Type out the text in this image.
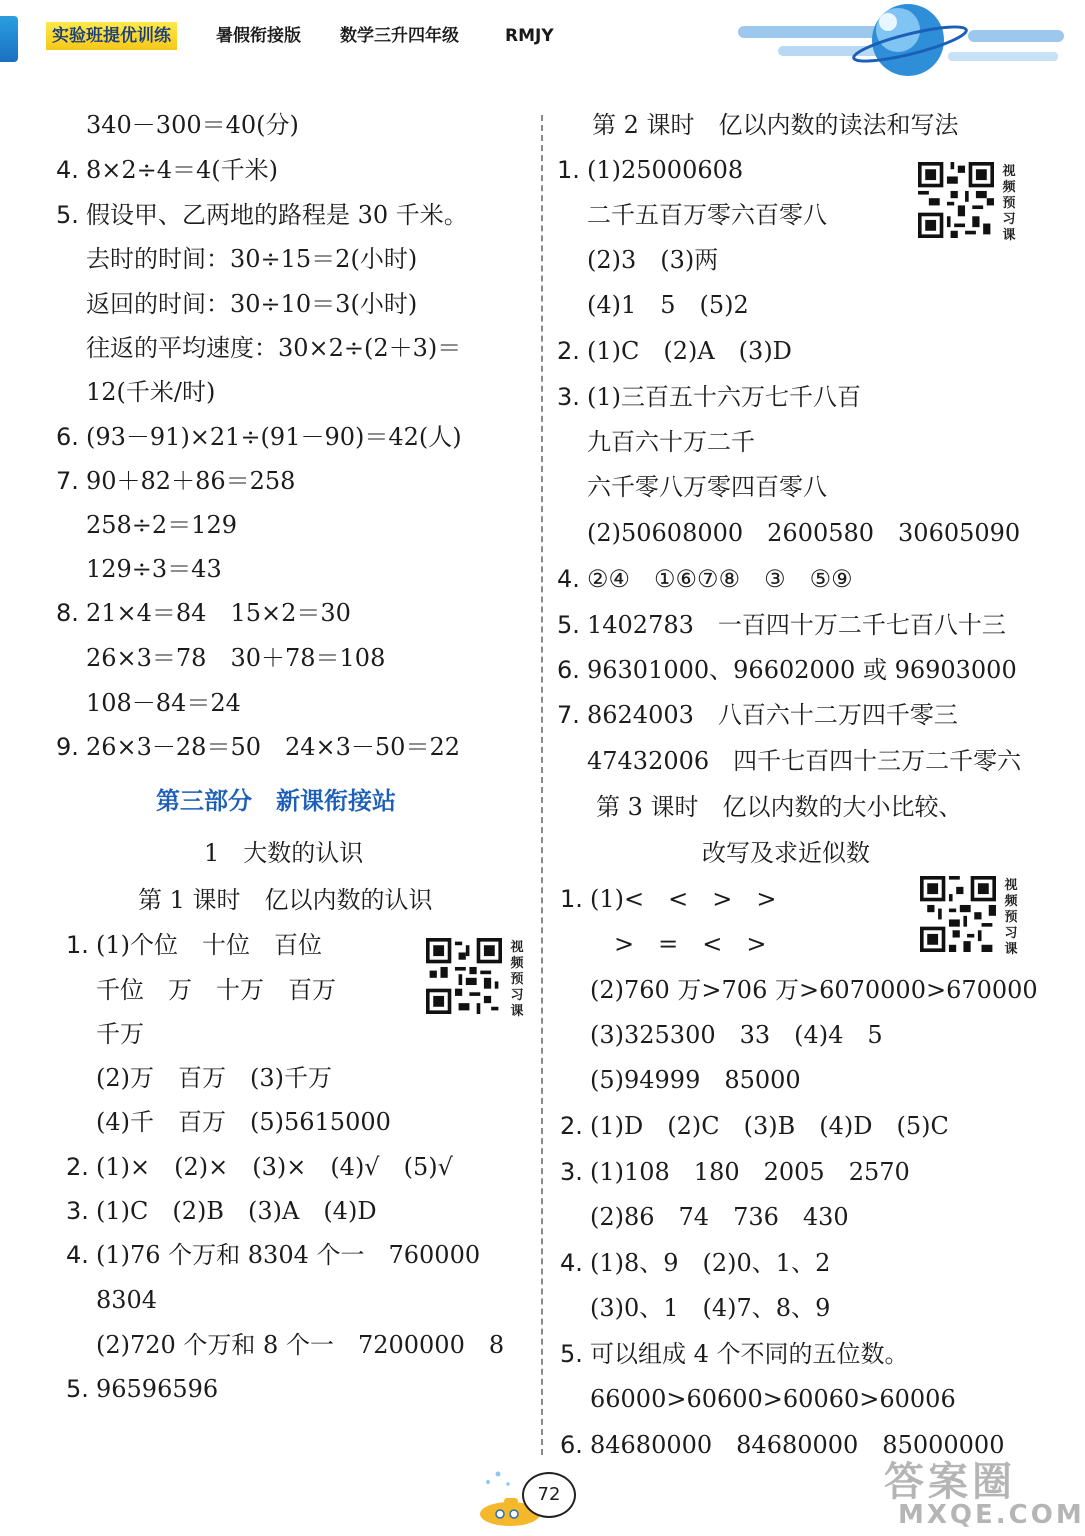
实验班提优训练	暑假衔接版 数学三升四年级	RMJY
340－300＝40(分)
4. 8×2÷4＝4(千米)
5. 假设甲、乙两地的路程是 30 千米。
去时的时间：30÷15＝2(小时)
返回的时间：30÷10＝3(小时)
往返的平均速度：30×2÷(2＋3)＝
12(千米/时)
6. (93－91)×21÷(91－90)＝42(人)
7. 90＋82＋86＝258
258÷2＝129
129÷3＝43
8. 21×4＝84　15×2＝30
26×3＝78　30＋78＝108
108－84＝24
9. 26×3－28＝50　24×3－50＝22
第三部分　新课衔接站
1　大数的认识
第 1 课时　亿以内数的认识
1. (1)个位　十位　百位
千位　万　十万　百万
千万
(2)万　百万　(3)千万
(4)千　百万　(5)5615000
2. (1)×　(2)×　(3)×　(4)√　(5)√
3. (1)C　(2)B　(3)A　(4)D
4. (1)76 个万和 8304 个一　760000
8304
(2)720 个万和 8 个一　7200000　8
5. 96596596
视频预习课
第 2 课时　亿以内数的读法和写法
1. (1)25000608
二千五百万零六百零八
(2)3　(3)两
(4)1　5　(5)2
2. (1)C　(2)A　(3)D
3. (1)三百五十六万七千八百
九百六十万二千
六千零八万零四百零八
(2)50608000　2600580　30605090
4. ②④　①⑥⑦⑧　③　⑤⑨
5. 1402783　一百四十万二千七百八十三
6. 96301000、96602000 或 96903000
7. 8624003　八百六十二万四千零三
47432006　四千七百四十三万二千零六
第 3 课时　亿以内数的大小比较、
改写及求近似数
1. (1)<　<　>　>
　>　=　<　>
(2)760 万>706 万>6070000>670000
(3)325300　33　(4)4　5
(5)94999　85000
2. (1)D　(2)C　(3)B　(4)D　(5)C
3. (1)108　180　2005　2570
(2)86　74　736　430
4. (1)8、9　(2)0、1、2
(3)0、1　(4)7、8、9
5. 可以组成 4 个不同的五位数。
66000>60600>60060>60006
6. 84680000　84680000　85000000
视频预习课
视频预习课
72	答案圈
MXQE.COM
